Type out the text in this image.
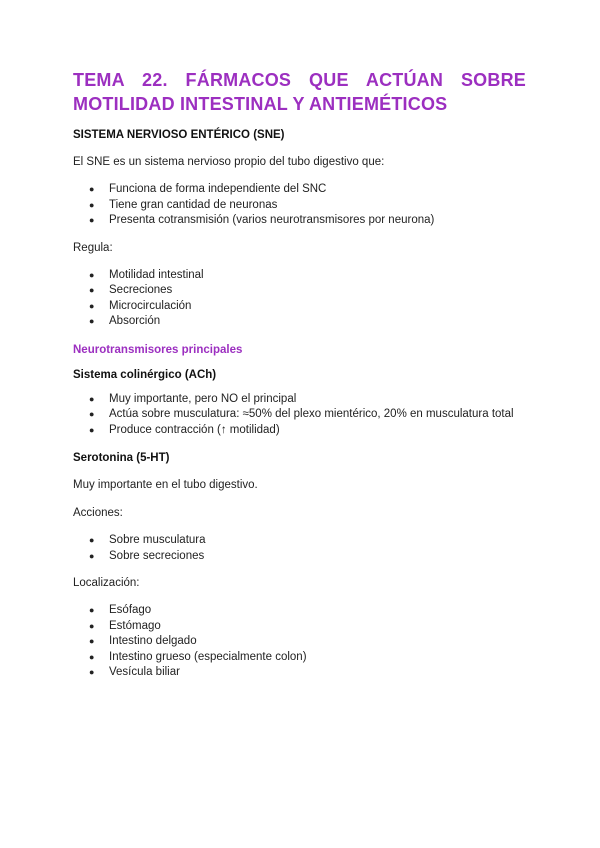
TEMA 22. FÁRMACOS QUE ACTÚAN SOBRE
MOTILIDAD INTESTINAL Y ANTIEMÉTICOS
SISTEMA NERVIOSO ENTÉRICO (SNE)

El SNE es un sistema nervioso propio del tubo digestivo que:

● Funciona de forma independiente del SNC
● Tiene gran cantidad de neuronas
● Presenta cotransmisión (varios neurotransmisores por neurona)

Regula:

● Motilidad intestinal
● Secreciones
● Microcirculación
● Absorción
Neurotransmisores principales
Sistema colinérgico (ACh)
● Muy importante, pero NO el principal
● Actúa sobre musculatura: ≈50% del plexo mientérico, 20% en musculatura total
● Produce contracción (↑ motilidad)
Serotonina (5-HT)

Muy importante en el tubo digestivo.

Acciones:

● Sobre musculatura
● Sobre secreciones

Localización:

● Esófago
● Estómago
● Intestino delgado
● Intestino grueso (especialmente colon)
● Vesícula biliar
